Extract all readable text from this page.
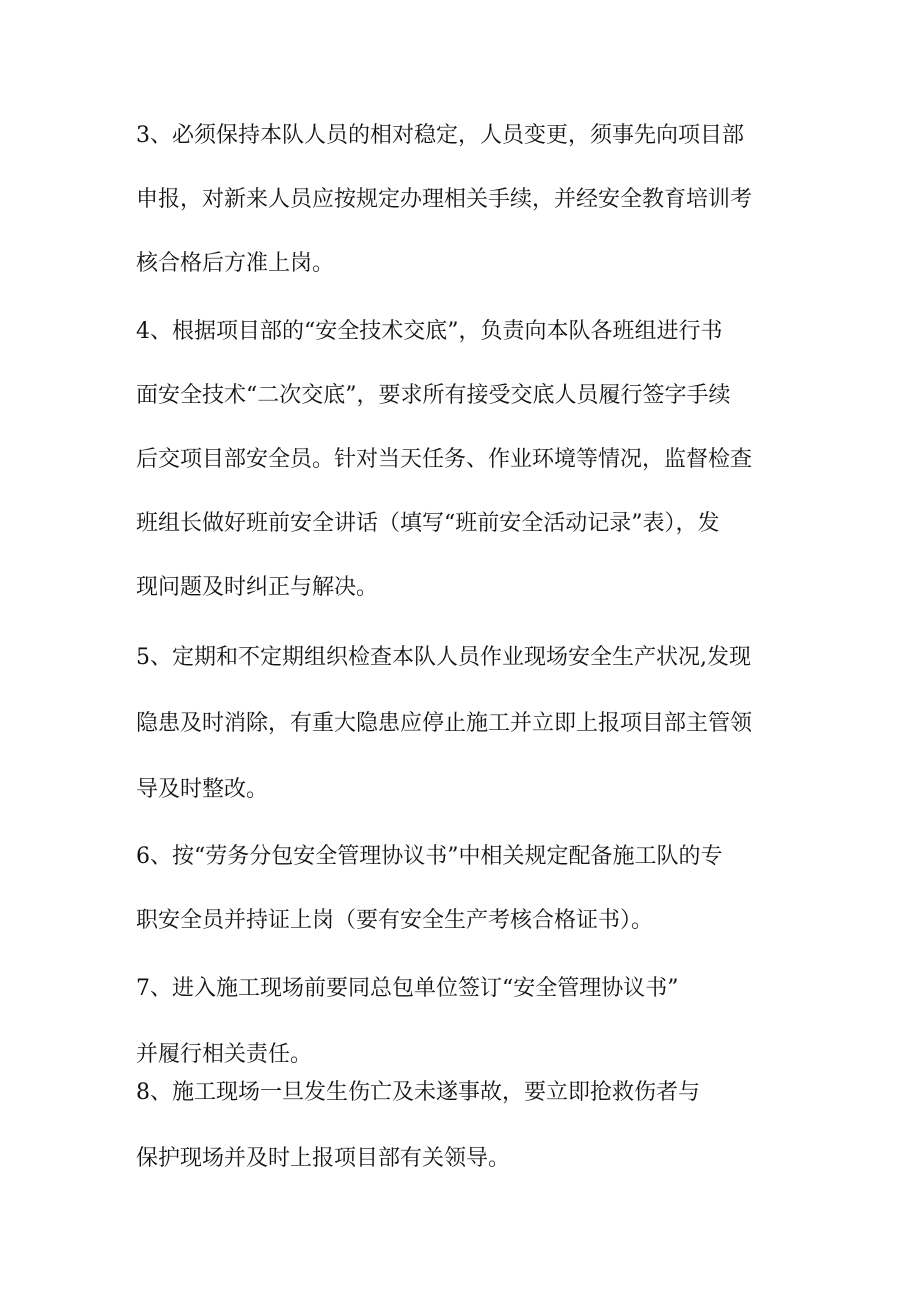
3、必须保持本队人员的相对稳定，人员变更，须事先向项目部
申报，对新来人员应按规定办理相关手续，并经安全教育培训考
核合格后方准上岗。
4、根据项目部的“安全技术交底”，负责向本队各班组进行书
面安全技术“二次交底”，要求所有接受交底人员履行签字手续
后交项目部安全员。针对当天任务、作业环境等情况，监督检查
班组长做好班前安全讲话（填写“班前安全活动记录”表），发
现问题及时纠正与解决。
5、定期和不定期组织检查本队人员作业现场安全生产状况,发现
隐患及时消除，有重大隐患应停止施工并立即上报项目部主管领
导及时整改。
6、按“劳务分包安全管理协议书”中相关规定配备施工队的专
职安全员并持证上岗（要有安全生产考核合格证书）。
7、进入施工现场前要同总包单位签订“安全管理协议书”
并履行相关责任。
8、施工现场一旦发生伤亡及未遂事故，要立即抢救伤者与
保护现场并及时上报项目部有关领导。
